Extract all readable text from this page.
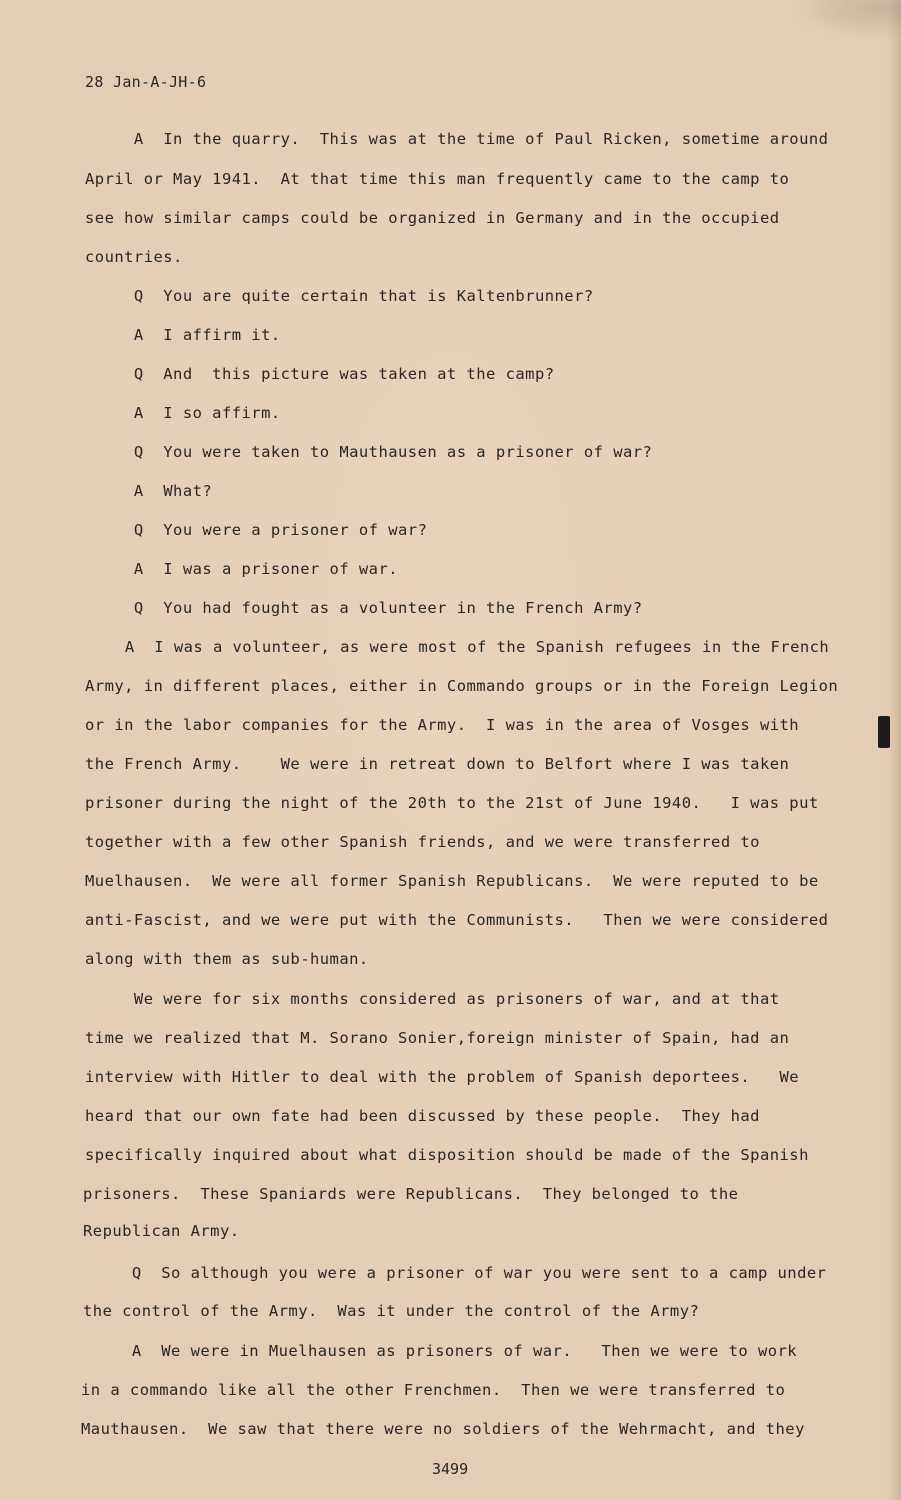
28 Jan-A-JH-6
A  In the quarry.  This was at the time of Paul Ricken, sometime around
April or May 1941.  At that time this man frequently came to the camp to
see how similar camps could be organized in Germany and in the occupied
countries.
Q  You are quite certain that is Kaltenbrunner?
A  I affirm it.
Q  And  this picture was taken at the camp?
A  I so affirm.
Q  You were taken to Mauthausen as a prisoner of war?
A  What?
Q  You were a prisoner of war?
A  I was a prisoner of war.
Q  You had fought as a volunteer in the French Army?
A  I was a volunteer, as were most of the Spanish refugees in the French
Army, in different places, either in Commando groups or in the Foreign Legion
or in the labor companies for the Army.  I was in the area of Vosges with
the French Army.    We were in retreat down to Belfort where I was taken
prisoner during the night of the 20th to the 21st of June 1940.   I was put
together with a few other Spanish friends, and we were transferred to
Muelhausen.  We were all former Spanish Republicans.  We were reputed to be
anti-Fascist, and we were put with the Communists.   Then we were considered
along with them as sub-human.
We were for six months considered as prisoners of war, and at that
time we realized that M. Sorano Sonier,foreign minister of Spain, had an
interview with Hitler to deal with the problem of Spanish deportees.   We
heard that our own fate had been discussed by these people.  They had
specifically inquired about what disposition should be made of the Spanish
prisoners.  These Spaniards were Republicans.  They belonged to the
Republican Army.
Q  So although you were a prisoner of war you were sent to a camp under
the control of the Army.  Was it under the control of the Army?
A  We were in Muelhausen as prisoners of war.   Then we were to work
in a commando like all the other Frenchmen.  Then we were transferred to
Mauthausen.  We saw that there were no soldiers of the Wehrmacht, and they
3499
